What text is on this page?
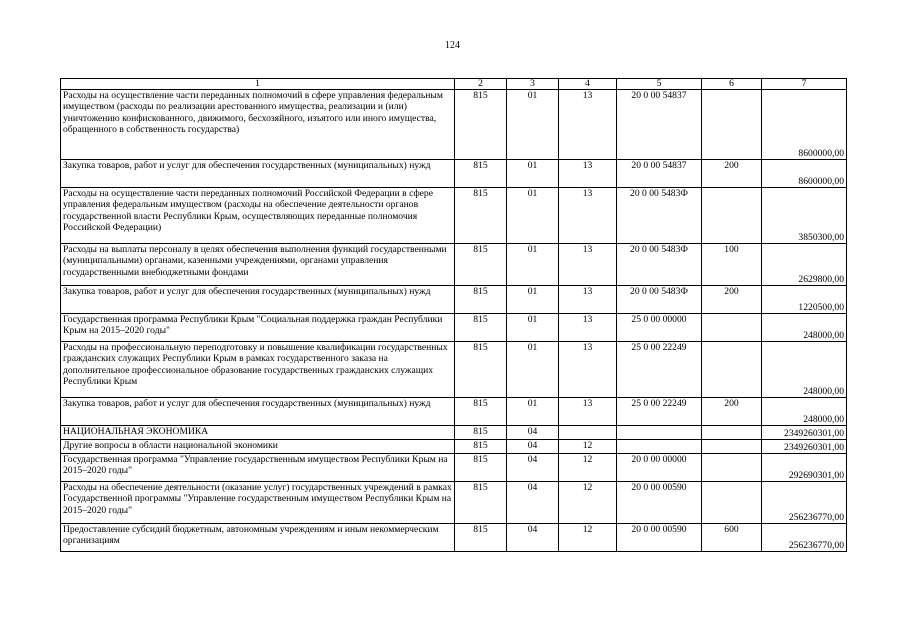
124
1	2	3	4	5	6	7
Расходы на осуществление части переданных полномочий в сфере управления федеральным имуществом (расходы по реализации арестованного имущества, реализации и (или) уничтожению конфискованного, движимого, бесхозяйного, изъятого или иного имущества, обращенного в собственность государства)	815	01	13	20 0 00 54837		8600000,00
Закупка товаров, работ и услуг для обеспечения государственных (муниципальных) нужд	815	01	13	20 0 00 54837	200	8600000,00
Расходы на осуществление части переданных полномочий Российской Федерации в сфере управления федеральным имуществом (расходы на обеспечение деятельности органов государственной власти Республики Крым, осуществляющих переданные полномочия Российской Федерации)	815	01	13	20 0 00 5483Ф		3850300,00
Расходы на выплаты персоналу в целях обеспечения выполнения функций государственными (муниципальными) органами, казенными учреждениями, органами управления государственными внебюджетными фондами	815	01	13	20 0 00 5483Ф	100	2629800,00
Закупка товаров, работ и услуг для обеспечения государственных (муниципальных) нужд	815	01	13	20 0 00 5483Ф	200	1220500,00
Государственная программа Республики Крым "Социальная поддержка граждан Республики Крым на 2015–2020 годы"	815	01	13	25 0 00 00000		248000,00
Расходы на профессиональную переподготовку и повышение квалификации государственных гражданских служащих Республики Крым в рамках государственного заказа на дополнительное профессиональное образование государственных гражданских служащих Республики Крым	815	01	13	25 0 00 22249		248000,00
Закупка товаров, работ и услуг для обеспечения государственных (муниципальных) нужд	815	01	13	25 0 00 22249	200	248000,00
НАЦИОНАЛЬНАЯ ЭКОНОМИКА	815	04				2349260301,00
Другие вопросы в области национальной экономики	815	04	12			2349260301,00
Государственная программа "Управление государственным имуществом Республики Крым на 2015–2020 годы"	815	04	12	20 0 00 00000		292690301,00
Расходы на обеспечение деятельности (оказание услуг) государственных учреждений в рамках Государственной программы "Управление государственным имуществом Республики Крым на 2015–2020 годы"	815	04	12	20 0 00 00590		256236770,00
Предоставление субсидий бюджетным, автономным учреждениям и иным некоммерческим организациям	815	04	12	20 0 00 00590	600	256236770,00
